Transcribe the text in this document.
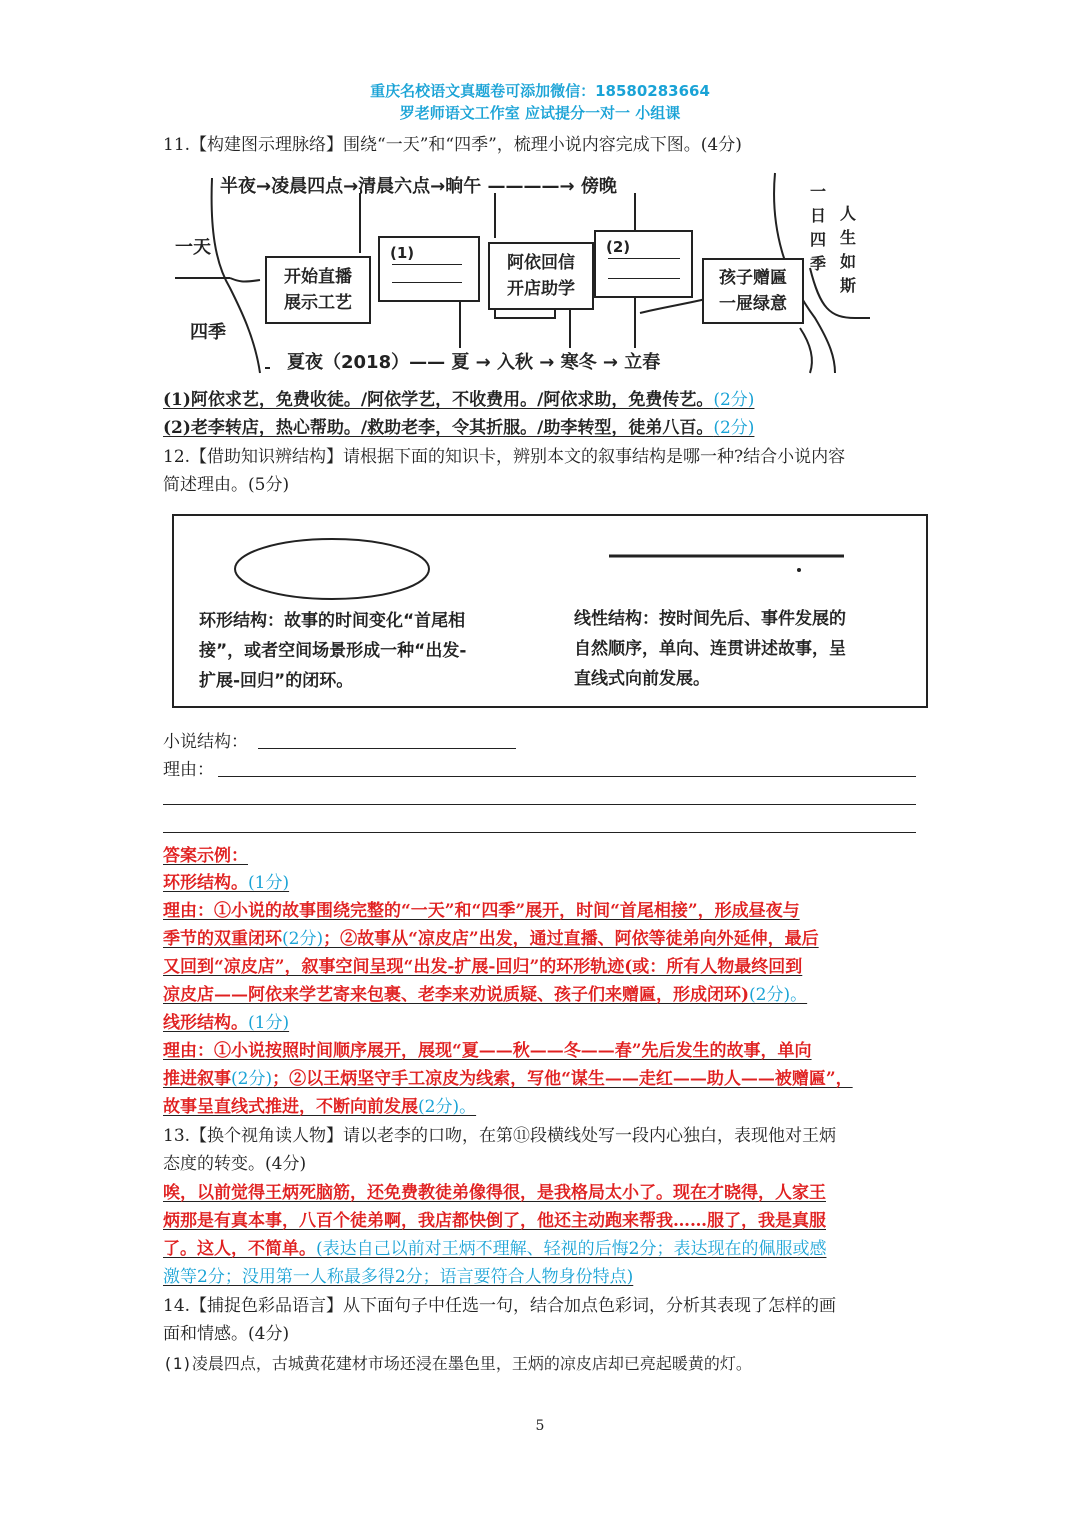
重庆名校语文真题卷可添加微信：18580283664
罗老师语文工作室 应试提分一对一 小组课
11.【构建图示理脉络】围绕“一天”和“四季”，梳理小说内容完成下图。(4分)
半夜→凌晨四点→清晨六点→晌午 ————→ 傍晚
一天
四季
夏夜（2018）—— 夏 → 入秋 → 寒冬 → 立春
开始直播
展示工艺
(1)	阿依回信
开店助学
(2)
孩子赠匾
一屉绿意
一日四季
人生如斯
(1)阿依求艺，免费收徒。/阿依学艺，不收费用。/阿依求助，免费传艺。(2分)
(2)老李转店，热心帮助。/救助老李，令其折服。/助李转型，徒弟八百。(2分)
12.【借助知识辨结构】请根据下面的知识卡，辨别本文的叙事结构是哪一种?结合小说内容
简述理由。(5分)
环形结构：故事的时间变化“首尾相
接”，或者空间场景形成一种“出发-
扩展-回归”的闭环。
线性结构：按时间先后、事件发展的
自然顺序，单向、连贯讲述故事，呈
直线式向前发展。
小说结构：
理由：
答案示例：
环形结构。(1分)
理由：①小说的故事围绕完整的“一天”和“四季”展开，时间“首尾相接”，形成昼夜与
季节的双重闭环(2分)；②故事从“凉皮店”出发，通过直播、阿依等徒弟向外延伸，最后
又回到“凉皮店”，叙事空间呈现“出发-扩展-回归”的环形轨迹(或：所有人物最终回到
凉皮店——阿依来学艺寄来包裹、老李来劝说质疑、孩子们来赠匾，形成闭环)(2分)。
线形结构。(1分)
理由：①小说按照时间顺序展开，展现“夏——秋——冬——春”先后发生的故事，单向
推进叙事(2分)；②以王炳坚守手工凉皮为线索，写他“谋生——走红——助人——被赠匾”，
故事呈直线式推进，不断向前发展(2分)。
13.【换个视角读人物】请以老李的口吻，在第⑪段横线处写一段内心独白，表现他对王炳
态度的转变。(4分)
唉，以前觉得王炳死脑筋，还免费教徒弟像得很，是我格局太小了。现在才晓得，人家王
炳那是有真本事，八百个徒弟啊，我店都快倒了，他还主动跑来帮我……服了，我是真服
了。这人，不简单。(表达自己以前对王炳不理解、轻视的后悔2分；表达现在的佩服或感
激等2分；没用第一人称最多得2分；语言要符合人物身份特点)
14.【捕捉色彩品语言】从下面句子中任选一句，结合加点色彩词，分析其表现了怎样的画
面和情感。(4分)
(1)凌晨四点，古城黄花建材市场还浸在墨色里，王炳的凉皮店却已亮起暖黄的灯。
5
